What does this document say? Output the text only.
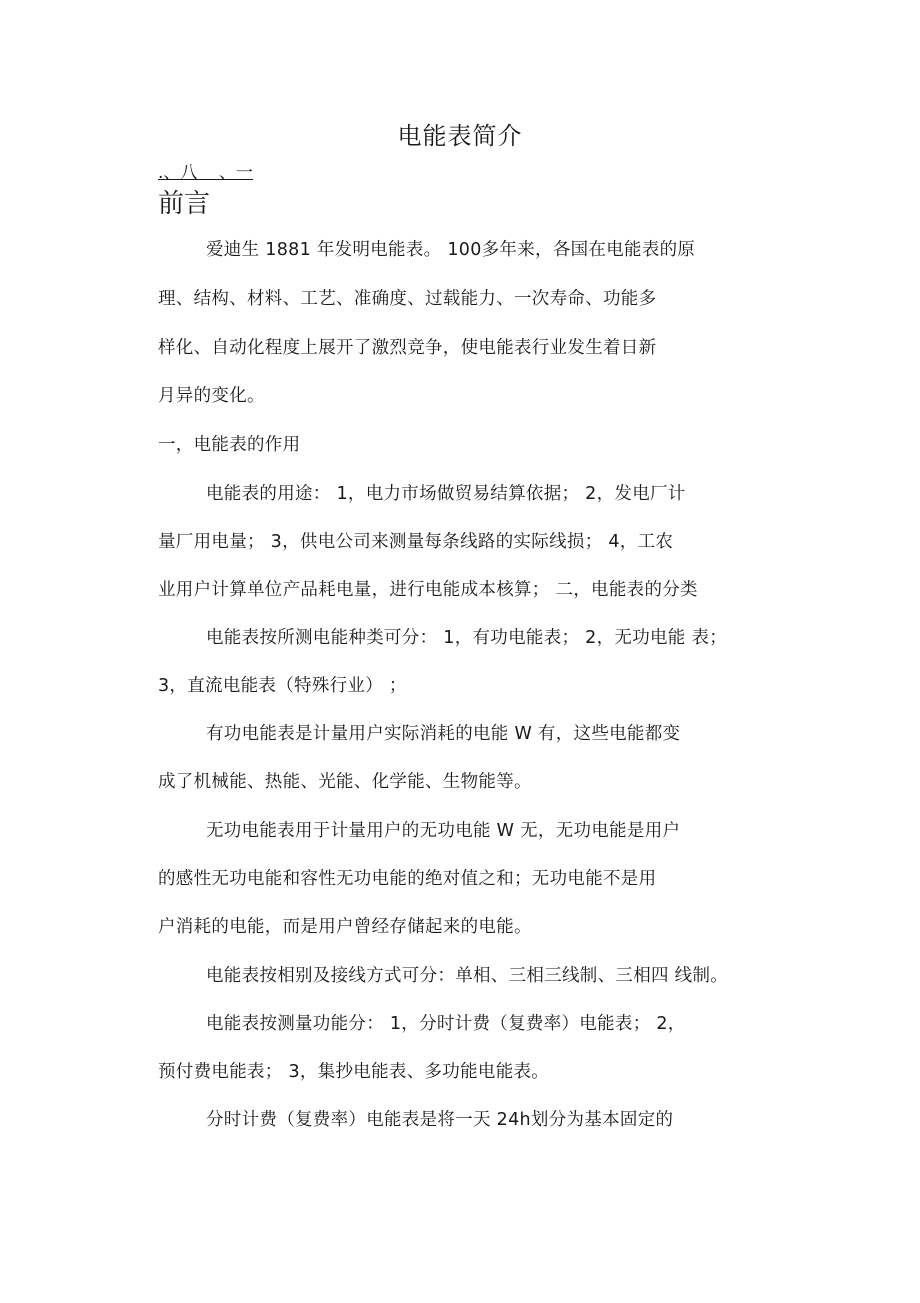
电能表简介
.、八    、一
前言
爱迪生 1881 年发明电能表。 100多年来，各国在电能表的原
理、结构、材料、工艺、准确度、过载能力、一次寿命、功能多
样化、自动化程度上展开了激烈竞争，使电能表行业发生着日新
月异的变化。
一，电能表的作用
电能表的用途： 1，电力市场做贸易结算依据； 2，发电厂计
量厂用电量； 3，供电公司来测量每条线路的实际线损； 4，工农
业用户计算单位产品耗电量，进行电能成本核算； 二，电能表的分类
电能表按所测电能种类可分： 1，有功电能表； 2，无功电能 表；
3，直流电能表（特殊行业） ；
有功电能表是计量用户实际消耗的电能 W 有，这些电能都变
成了机械能、热能、光能、化学能、生物能等。
无功电能表用于计量用户的无功电能 W 无，无功电能是用户
的感性无功电能和容性无功电能的绝对值之和；无功电能不是用
户消耗的电能，而是用户曾经存储起来的电能。
电能表按相别及接线方式可分：单相、三相三线制、三相四 线制。
电能表按测量功能分： 1，分时计费（复费率）电能表； 2，
预付费电能表； 3，集抄电能表、多功能电能表。
分时计费（复费率）电能表是将一天 24h划分为基本固定的
